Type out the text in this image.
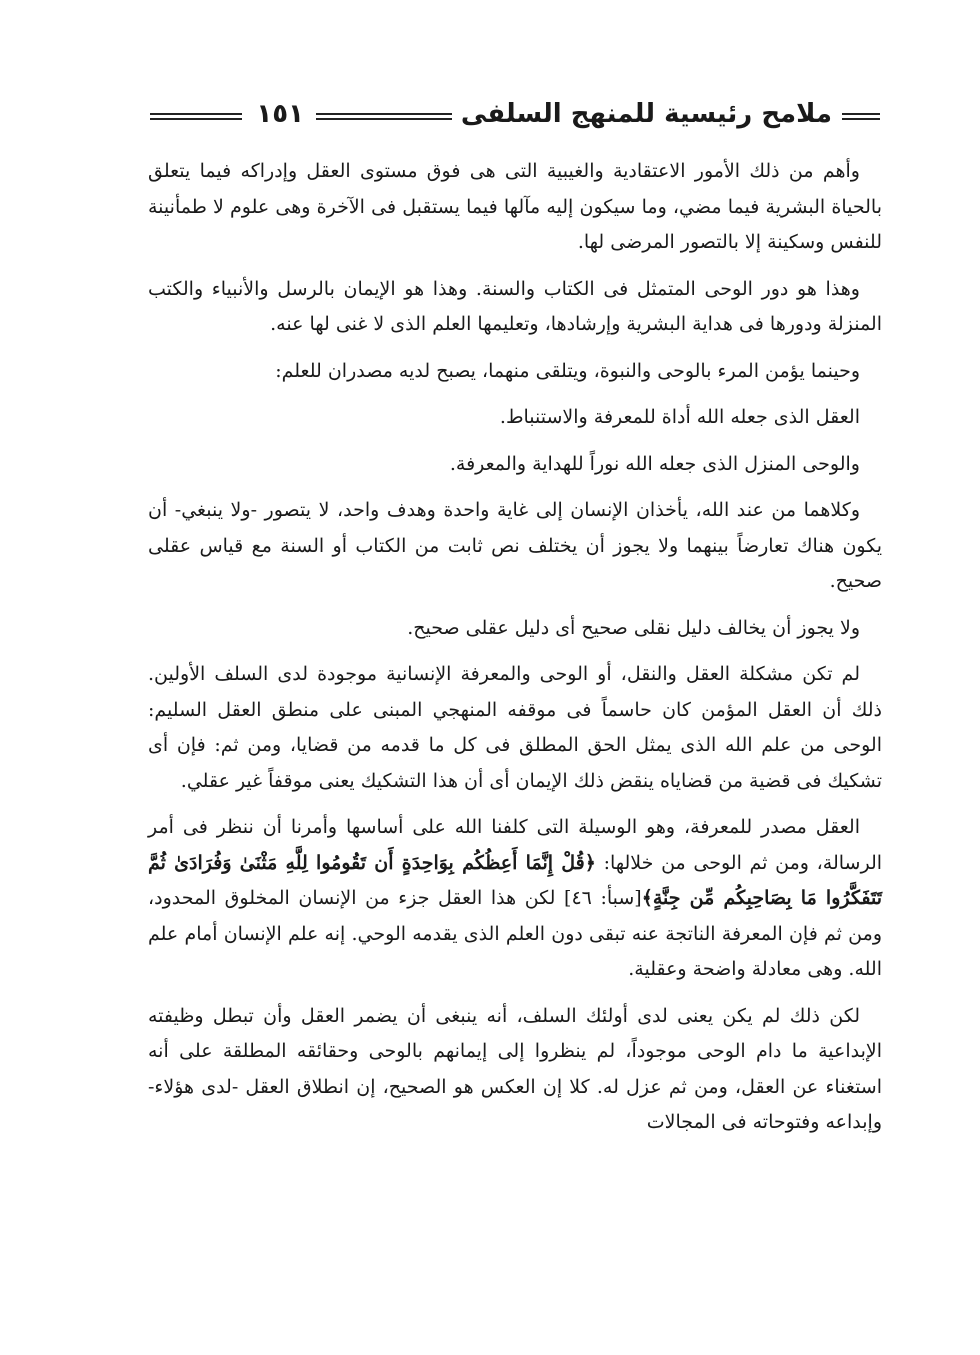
ملامح رئيسية للمنهج السلفى
١٥١

وأهم من ذلك الأمور الاعتقادية والغيبية التى هى فوق مستوى العقل وإدراكه فيما يتعلق بالحياة البشرية فيما مضي، وما سيكون إليه مآلها فيما يستقبل فى الآخرة وهى علوم لا طمأنينة للنفس وسكينة إلا بالتصور المرضى لها.

وهذا هو دور الوحى المتمثل فى الكتاب والسنة. وهذا هو الإيمان بالرسل والأنبياء والكتب المنزلة ودورها فى هداية البشرية وإرشادها، وتعليمها العلم الذى لا غنى لها عنه.

وحينما يؤمن المرء بالوحى والنبوة، ويتلقى منهما، يصبح لديه مصدران للعلم:

العقل الذى جعله الله أداة للمعرفة والاستنباط.

والوحى المنزل الذى جعله الله نوراً للهداية والمعرفة.

وكلاهما من عند الله، يأخذان الإنسان إلى غاية واحدة وهدف واحد، لا يتصور -ولا ينبغي- أن يكون هناك تعارضاً بينهما ولا يجوز أن يختلف نص ثابت من الكتاب أو السنة مع قياس عقلى صحيح.

ولا يجوز أن يخالف دليل نقلى صحيح أى دليل عقلى صحيح.

لم تكن مشكلة العقل والنقل، أو الوحى والمعرفة الإنسانية موجودة لدى السلف الأولين. ذلك أن العقل المؤمن كان حاسماً فى موقفه المنهجي المبنى على منطق العقل السليم: الوحى من علم الله الذى يمثل الحق المطلق فى كل ما قدمه من قضايا، ومن ثم: فإن أى تشكيك فى قضية من قضاياه ينقض ذلك الإيمان أى أن هذا التشكيك يعنى موقفاً غير عقلي.

العقل مصدر للمعرفة، وهو الوسيلة التى كلفنا الله على أساسها وأمرنا أن ننظر فى أمر الرسالة، ومن ثم الوحى من خلالها: ﴿قُلْ إِنَّمَا أَعِظُكُم بِوَاحِدَةٍ أَن تَقُومُوا لِلَّهِ مَثْنَىٰ وَفُرَادَىٰ ثُمَّ تَتَفَكَّرُوا مَا بِصَاحِبِكُم مِّن جِنَّةٍ﴾[سبأ: ٤٦] لكن هذا العقل جزء من الإنسان المخلوق المحدود، ومن ثم فإن المعرفة الناتجة عنه تبقى دون العلم الذى يقدمه الوحي. إنه علم الإنسان أمام علم الله. وهى معادلة واضحة وعقلية.

لكن ذلك لم يكن يعنى لدى أولئك السلف، أنه ينبغى أن يضمر العقل وأن تبطل وظيفته الإبداعية ما دام الوحى موجوداً، لم ينظروا إلى إيمانهم بالوحى وحقائقه المطلقة على أنه استغناء عن العقل، ومن ثم عزل له. كلا إن العكس هو الصحيح، إن انطلاق العقل -لدى هؤلاء- وإبداعه وفتوحاته فى المجالات
